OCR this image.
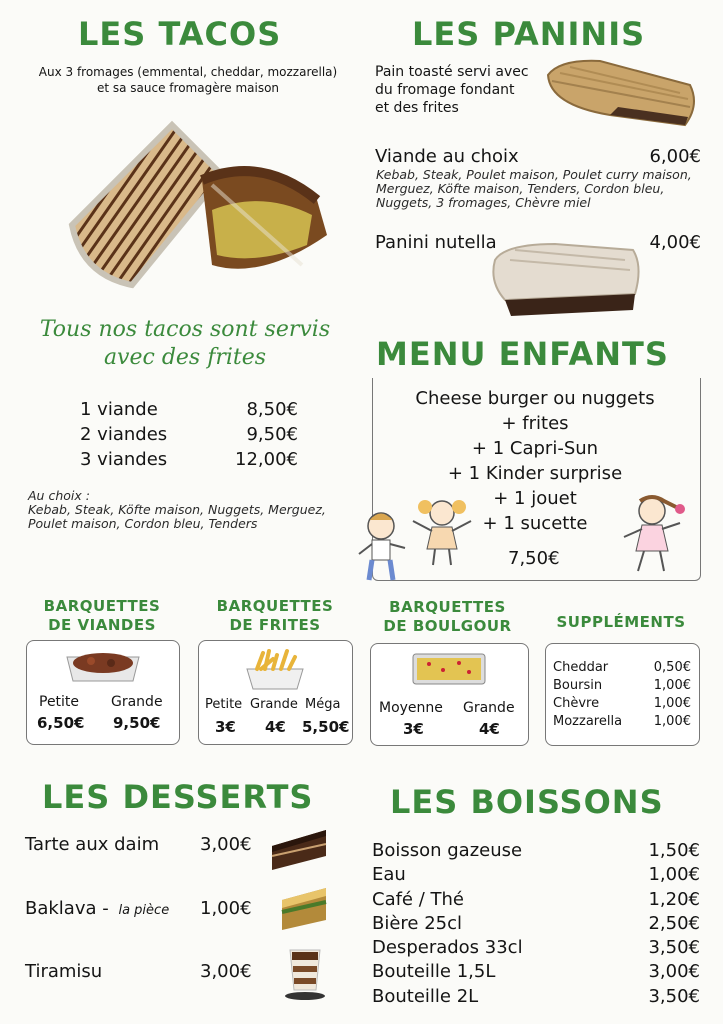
LES TACOS
Aux 3 fromages (emmental, cheddar, mozzarella)
et sa sauce fromagère maison
Tous nos tacos sont servis
avec des frites
1 viande	8,50€
2 viandes	9,50€
3 viandes	12,00€
Au choix :
Kebab, Steak, Köfte maison, Nuggets, Merguez,
Poulet maison, Cordon bleu, Tenders
LES PANINIS
Pain toasté servi avec
du fromage fondant
et des frites
Viande au choix	6,00€
Kebab, Steak, Poulet maison, Poulet curry maison,
Merguez, Köfte maison, Tenders, Cordon bleu,
Nuggets, 3 fromages, Chèvre miel
Panini nutella	4,00€
MENU ENFANTS
Cheese burger ou nuggets
+ frites
+ 1 Capri-Sun
+ 1 Kinder surprise
+ 1 jouet
+ 1 sucette
7,50€
BARQUETTES
DE VIANDES
Petite Grande
6,50€ 9,50€
BARQUETTES
DE FRITES
Petite Grande Méga
3€ 4€ 5,50€
BARQUETTES
DE BOULGOUR
Moyenne Grande
3€	4€
SUPPLÉMENTS
Cheddar	0,50€
Boursin	1,00€
Chèvre	1,00€
Mozzarella 1,00€
LES DESSERTS
Tarte aux daim 3,00€
Baklava - la pièce 1,00€
Tiramisu	3,00€
LES BOISSONS
Boisson gazeuse	1,50€
Eau	1,00€
Café / Thé	1,20€
Bière 25cl	2,50€
Desperados 33cl	3,50€
Bouteille 1,5L	3,00€
Bouteille 2L	3,50€
